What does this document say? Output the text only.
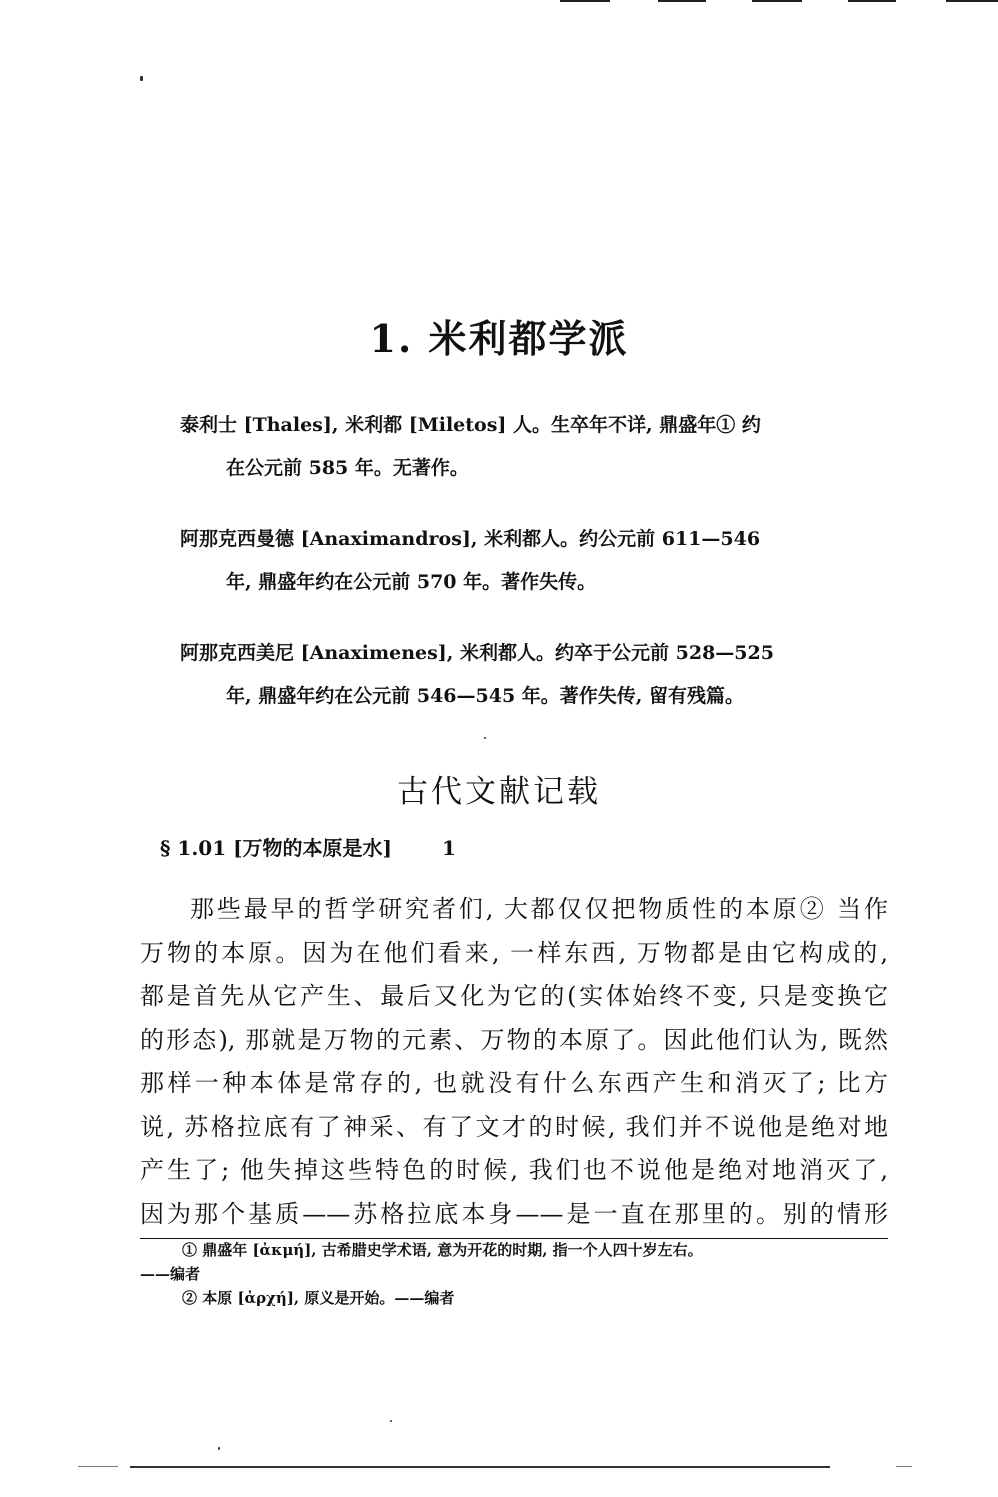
1. 米利都学派
泰利士 [Thales], 米利都 [Miletos] 人。生卒年不详, 鼎盛年① 约
在公元前 585 年。无著作。
阿那克西曼德 [Anaximandros], 米利都人。约公元前 611—546
年, 鼎盛年约在公元前 570 年。著作失传。
阿那克西美尼 [Anaximenes], 米利都人。约卒于公元前 528—525
年, 鼎盛年约在公元前 546—545 年。著作失传, 留有残篇。
古代文献记载
§ 1.01 [万物的本原是水]	1
那些最早的哲学研究者们, 大都仅仅把物质性的本原② 当作
万物的本原。因为在他们看来, 一样东西, 万物都是由它构成的,
都是首先从它产生、最后又化为它的(实体始终不变, 只是变换它
的形态), 那就是万物的元素、万物的本原了。因此他们认为, 既然
那样一种本体是常存的, 也就没有什么东西产生和消灭了; 比方
说, 苏格拉底有了神采、有了文才的时候, 我们并不说他是绝对地
产生了; 他失掉这些特色的时候, 我们也不说他是绝对地消灭了,
因为那个基质——苏格拉底本身——是一直在那里的。别的情形
① 鼎盛年 [ἀκμή], 古希腊史学术语, 意为开花的时期, 指一个人四十岁左右。
——编者
② 本原 [ἀρχή], 原义是开始。——编者
